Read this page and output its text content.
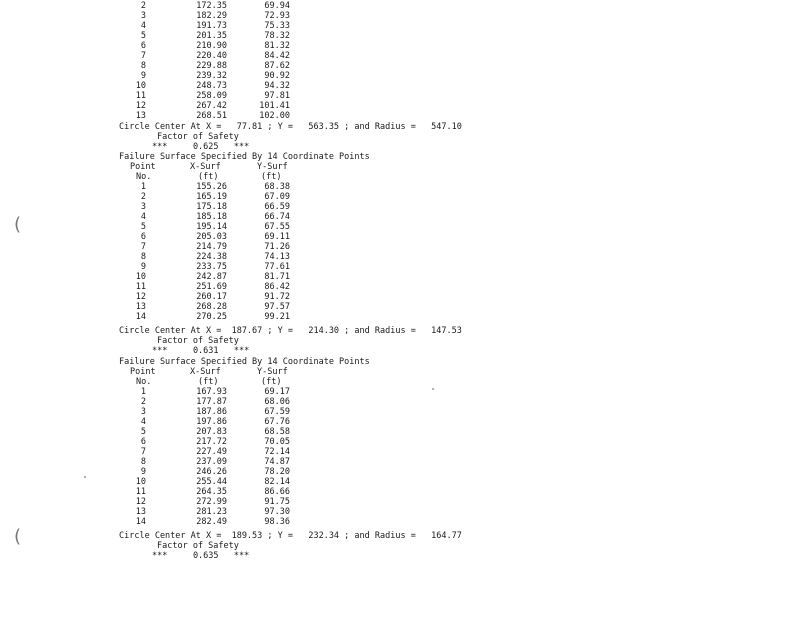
2	172.35	69.94
3	182.29	72.93
4	191.73	75.33
5	201.35	78.32
6	210.90	81.32
7	220.40	84.42
8	229.88	87.62
9	239.32	90.92
10	248.73	94.32
11	258.09	97.81
12	267.42	101.41
13	268.51	102.00
Circle Center At X =   77.81 ; Y =   563.35 ; and Radius =   547.10
Factor of Safety
***     0.625   ***
Failure Surface Specified By 14 Coordinate Points
Point	X-Surf	Y-Surf
No.	(ft)	(ft)
1	155.26	68.38
2	165.19	67.09
3	175.18	66.59
4	185.18	66.74
5	195.14	67.55
6	205.03	69.11
7	214.79	71.26
8	224.38	74.13
9	233.75	77.61
10	242.87	81.71
11	251.69	86.42
12	260.17	91.72
13	268.28	97.57
14	270.25	99.21
Circle Center At X =  187.67 ; Y =   214.30 ; and Radius =   147.53
Factor of Safety
***     0.631   ***
Failure Surface Specified By 14 Coordinate Points
Point	X-Surf	Y-Surf
No.	(ft)	(ft)
1	167.93	69.17
2	177.87	68.06
3	187.86	67.59
4	197.86	67.76
5	207.83	68.58
6	217.72	70.05
7	227.49	72.14
8	237.09	74.87
9	246.26	78.20
10	255.44	82.14
11	264.35	86.66
12	272.99	91.75
13	281.23	97.30
14	282.49	98.36
Circle Center At X =  189.53 ; Y =   232.34 ; and Radius =   164.77
Factor of Safety
***     0.635   ***
(
(
